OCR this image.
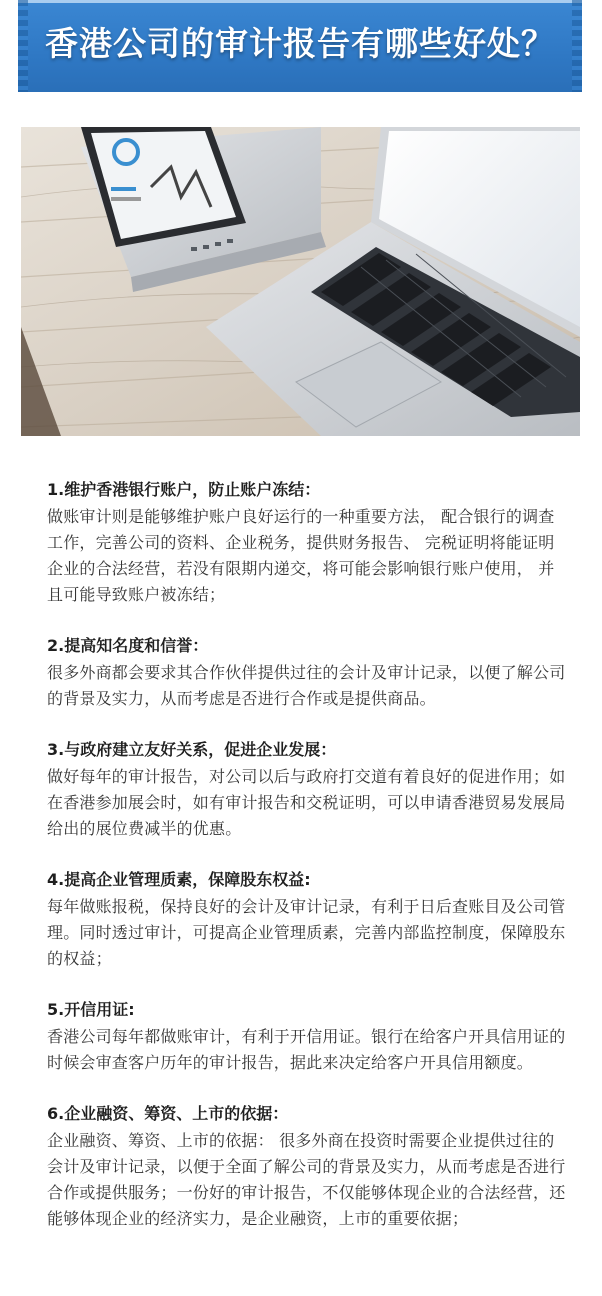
香港公司的审计报告有哪些好处？

1.维护香港银行账户，防止账户冻结：

做账审计则是能够维护账户良好运行的一种重要方法， 配合银行的调查工作，完善公司的资料、企业税务，提供财务报告、 完税证明将能证明企业的合法经营，若没有限期内递交，将可能会影响银行账户使用， 并且可能导致账户被冻结；

2.提高知名度和信誉：

很多外商都会要求其合作伙伴提供过往的会计及审计记录，以便了解公司的背景及实力，从而考虑是否进行合作或是提供商品。

3.与政府建立友好关系，促进企业发展：

做好每年的审计报告，对公司以后与政府打交道有着良好的促进作用；如在香港参加展会时，如有审计报告和交税证明，可以申请香港贸易发展局给出的展位费减半的优惠。

4.提高企业管理质素，保障股东权益:

每年做账报税，保持良好的会计及审计记录，有利于日后查账目及公司管理。同时透过审计，可提高企业管理质素，完善内部监控制度，保障股东的权益；

5.开信用证:

香港公司每年都做账审计，有利于开信用证。银行在给客户开具信用证的时候会审查客户历年的审计报告，据此来决定给客户开具信用额度。

6.企业融资、筹资、上市的依据：

企业融资、筹资、上市的依据： 很多外商在投资时需要企业提供过往的会计及审计记录，以便于全面了解公司的背景及实力，从而考虑是否进行合作或提供服务；一份好的审计报告，不仅能够体现企业的合法经营，还能够体现企业的经济实力，是企业融资，上市的重要依据；
